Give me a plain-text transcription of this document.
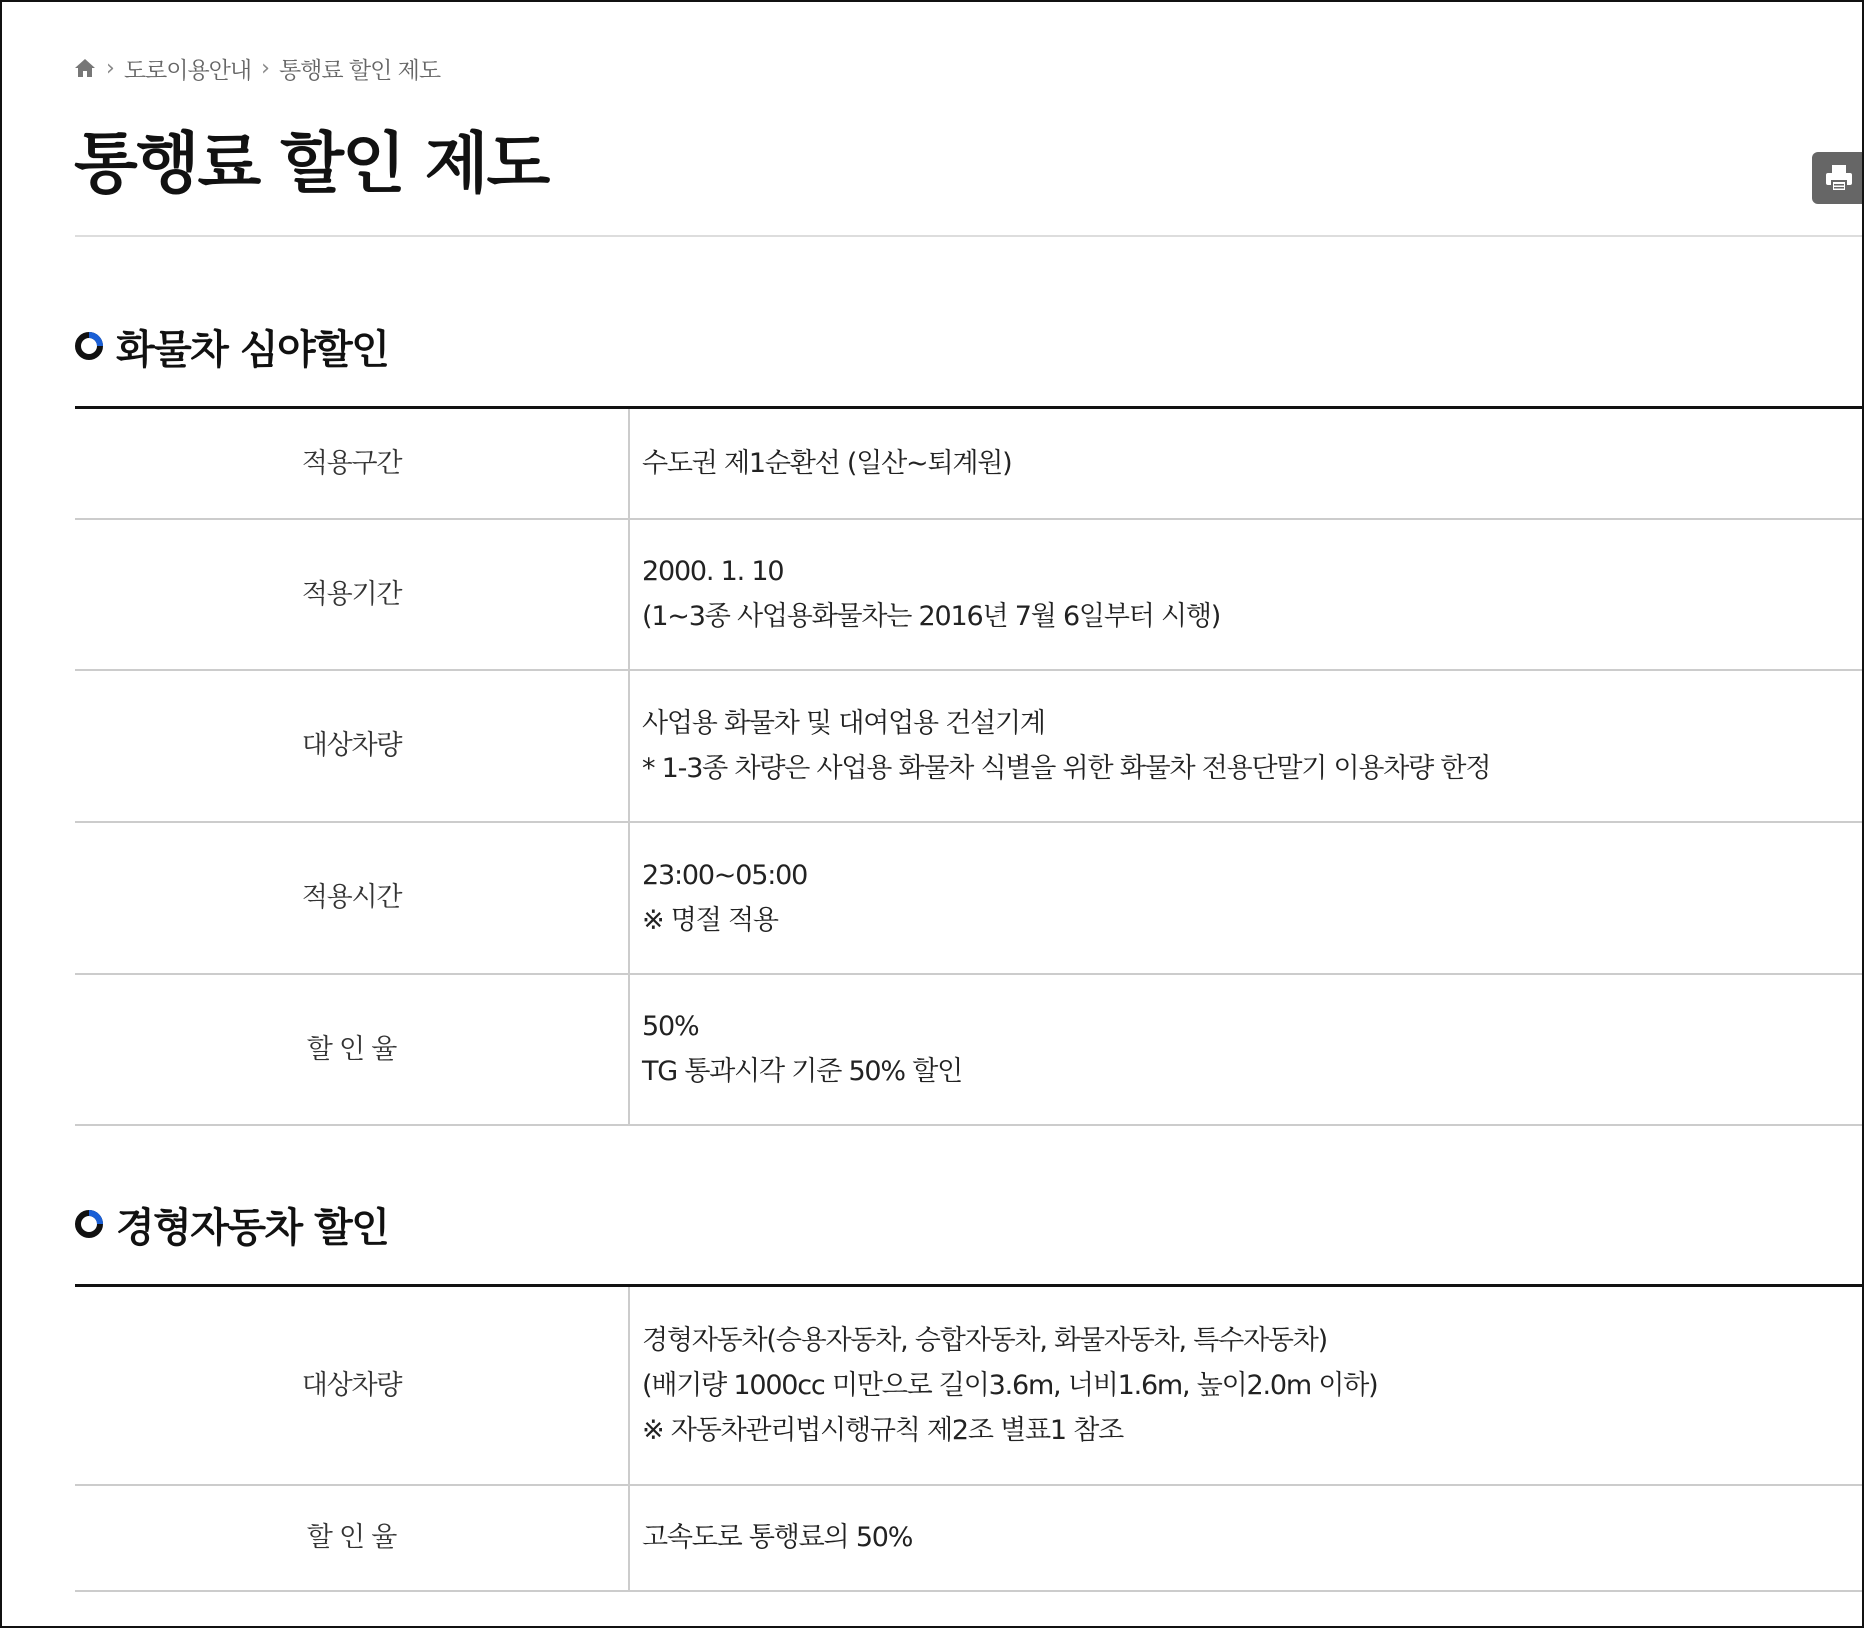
› 도로이용안내 › 통행료 할인 제도
통행료 할인 제도
화물차 심야할인
적용구간	수도권 제1순환선 (일산~퇴계원)

적용기간	2000. 1. 10
(1~3종 사업용화물차는 2016년 7월 6일부터 시행)

대상차량	사업용 화물차 및 대여업용 건설기계
* 1-3종 차량은 사업용 화물차 식별을 위한 화물차 전용단말기 이용차량 한정

적용시간	23:00~05:00
※ 명절 적용

할 인 율	50%
TG 통과시각 기준 50% 할인
경형자동차 할인
대상차량	경형자동차(승용자동차, 승합자동차, 화물자동차, 특수자동차)
(배기량 1000cc 미만으로 길이3.6m, 너비1.6m, 높이2.0m 이하)
※ 자동차관리법시행규칙 제2조 별표1 참조

할 인 율	고속도로 통행료의 50%
